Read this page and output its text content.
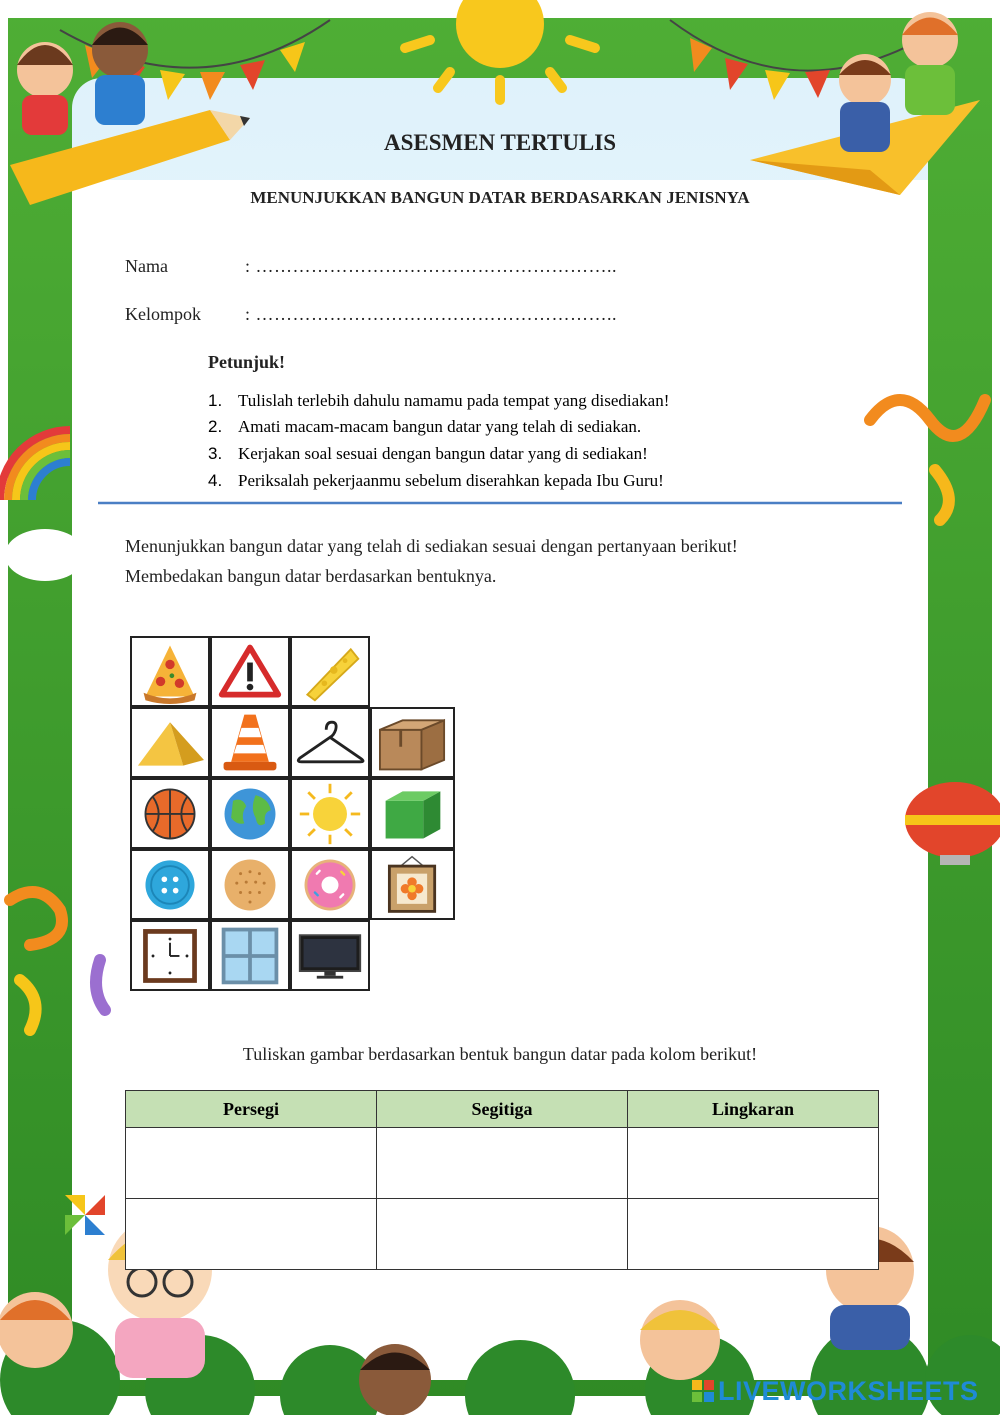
ASESMEN TERTULIS
MENUNJUKKAN BANGUN DATAR BERDASARKAN JENISNYA
Nama	: …………………………………………………..
Kelompok : …………………………………………………..
Petunjuk!
1. Tulislah terlebih dahulu namamu pada tempat yang disediakan!
2. Amati macam-macam bangun datar yang telah di sediakan.
3. Kerjakan soal sesuai dengan bangun datar yang di sediakan!
4. Periksalah pekerjaanmu sebelum diserahkan kepada Ibu Guru!
Menunjukkan bangun datar yang telah di sediakan sesuai dengan pertanyaan berikut!
Membedakan bangun datar berdasarkan bentuknya.
Tuliskan gambar berdasarkan bentuk bangun datar pada kolom berikut!
Persegi	Segitiga	Lingkaran

LIVEWORKSHEETS
